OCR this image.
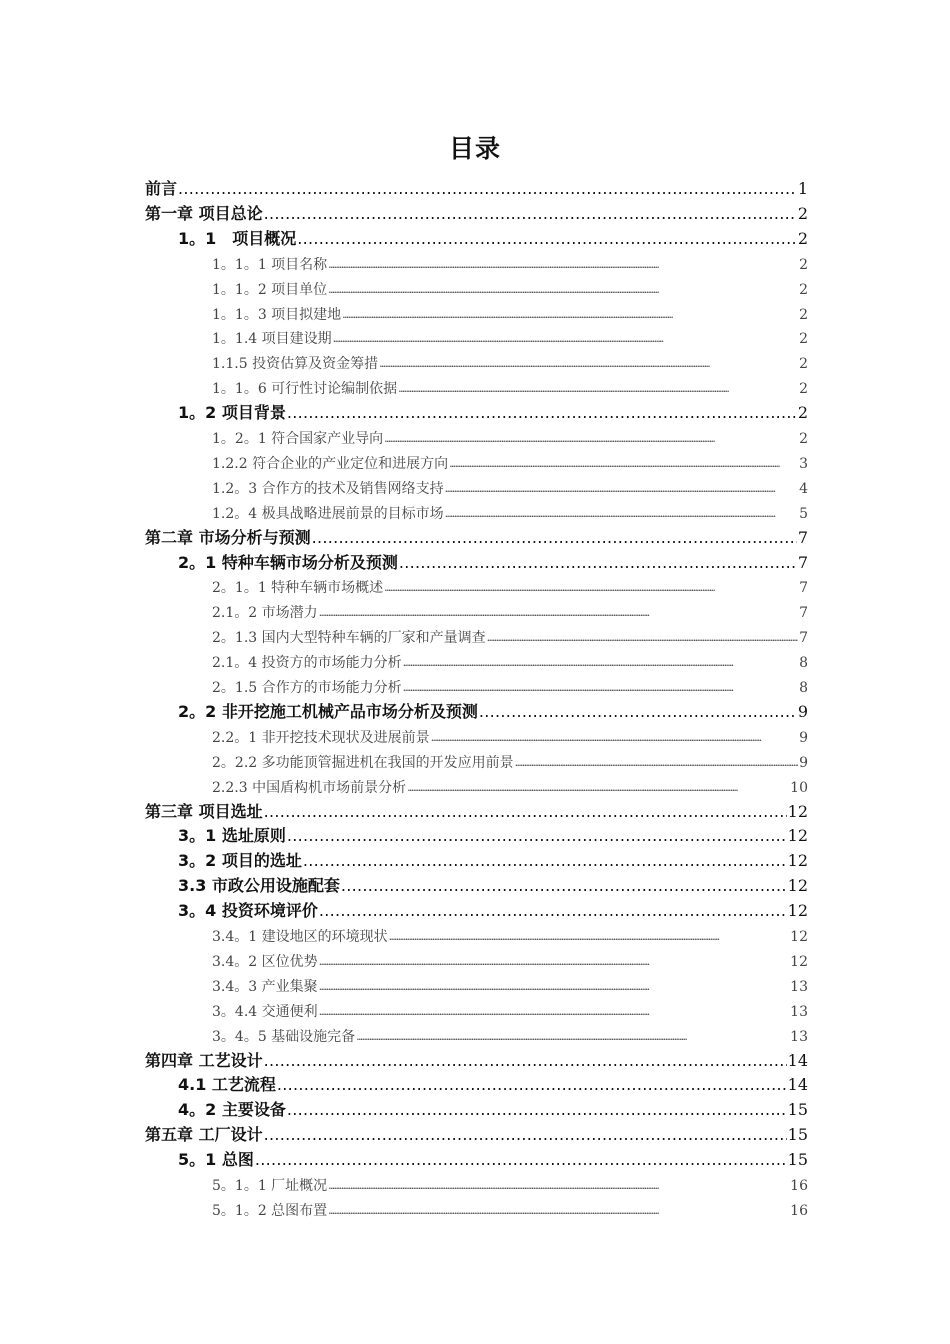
目录
前言 . . .	1
第一章 项目总论 . . .	2
1。1　项目概况 . . .	2
1。1。1 项目名称 . . .	2
1。1。2 项目单位 . . .	2
1。1。3 项目拟建地 . . .	2
1。1.4 项目建设期 . . .	2
1.1.5 投资估算及资金筹措 . . .	2
1。1。6 可行性讨论编制依据 . . .	2
1。2 项目背景 . . .	2
1。2。1 符合国家产业导向 . . .	2
1.2.2 符合企业的产业定位和进展方向 . . .	3
1.2。3 合作方的技术及销售网络支持 . . .	4
1.2。4 极具战略进展前景的目标市场 . . .	5
第二章 市场分析与预测 . . .	7
2。1 特种车辆市场分析及预测 . . .	7
2。1。1 特种车辆市场概述 . . .	7
2.1。2 市场潜力 . . .	7
2。1.3 国内大型特种车辆的厂家和产量调查 . . .	7
2.1。4 投资方的市场能力分析 . . .	8
2。1.5 合作方的市场能力分析 . . .	8
2。2 非开挖施工机械产品市场分析及预测 . . .	9
2.2。1 非开挖技术现状及进展前景 . . .	9
2。2.2 多功能顶管掘进机在我国的开发应用前景 . . .	9
2.2.3 中国盾构机市场前景分析 . . .	10
第三章 项目选址 . . .	12
3。1 选址原则 . . .	12
3。2 项目的选址 . . .	12
3.3 市政公用设施配套 . . .	12
3。4 投资环境评价 . . .	12
3.4。1 建设地区的环境现状 . . .	12
3.4。2 区位优势 . . .	12
3.4。3 产业集聚 . . .	13
3。4.4 交通便利 . . .	13
3。4。5 基础设施完备 . . .	13
第四章 工艺设计 . . .	14
4.1 工艺流程 . . .	14
4。2 主要设备 . . .	15
第五章 工厂设计 . . .	15
5。1 总图 . . .	15
5。1。1 厂址概况 . . .	16
5。1。2 总图布置 . . .	16
